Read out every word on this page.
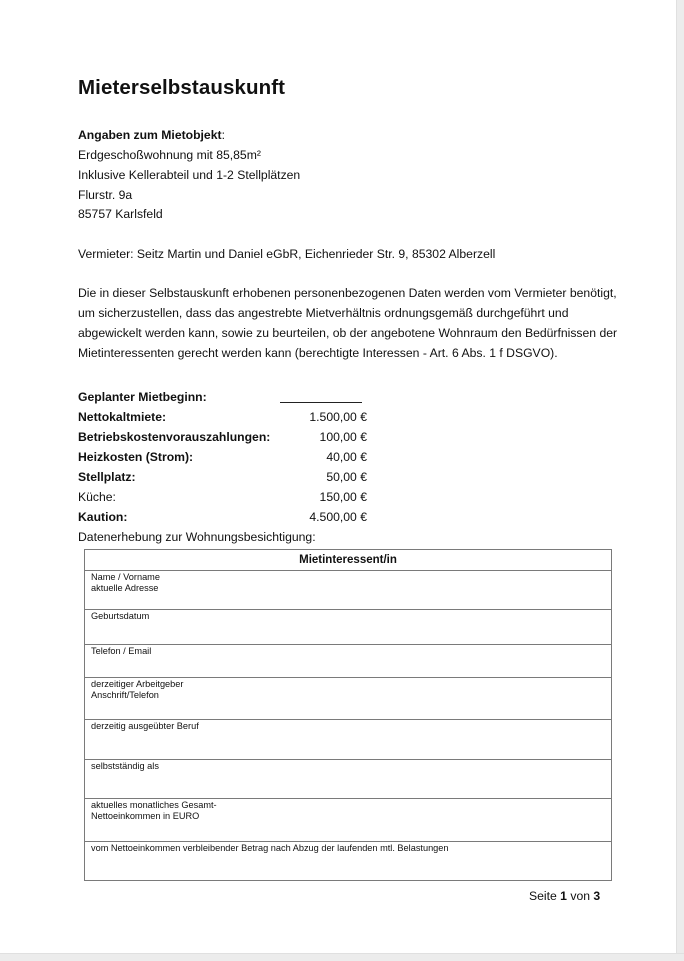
Mieterselbstauskunft
Angaben zum Mietobjekt:
Erdgeschoßwohnung mit 85,85m²
Inklusive Kellerabteil und 1-2 Stellplätzen
Flurstr. 9a
85757 Karlsfeld
Vermieter: Seitz Martin und Daniel eGbR, Eichenrieder Str. 9, 85302 Alberzell

Die in dieser Selbstauskunft erhobenen personenbezogenen Daten werden vom Vermieter benötigt,
um sicherzustellen, dass das angestrebte Mietverhältnis ordnungsgemäß durchgeführt und
abgewickelt werden kann, sowie zu beurteilen, ob der angebotene Wohnraum den Bedürfnissen der
Mietinteressenten gerecht werden kann (berechtigte Interessen - Art. 6 Abs. 1 f DSGVO).

Geplanter Mietbeginn:
Nettokaltmiete:	1.500,00 €
Betriebskostenvorauszahlungen:	100,00 €
Heizkosten (Strom):	40,00 €
Stellplatz:	50,00 €
Küche:	150,00 €
Kaution:	4.500,00 €
Datenerhebung zur Wohnungsbesichtigung:
Mietinteressent/in

Name / Vorname
aktuelle Adresse

Geburtsdatum

Telefon / Email

derzeitiger Arbeitgeber
Anschrift/Telefon

derzeitig ausgeübter Beruf

selbstständig als

aktuelles monatliches Gesamt-
Nettoeinkommen in EURO

vom Nettoeinkommen verbleibender Betrag nach Abzug der laufenden mtl. Belastungen
Seite 1 von 3
